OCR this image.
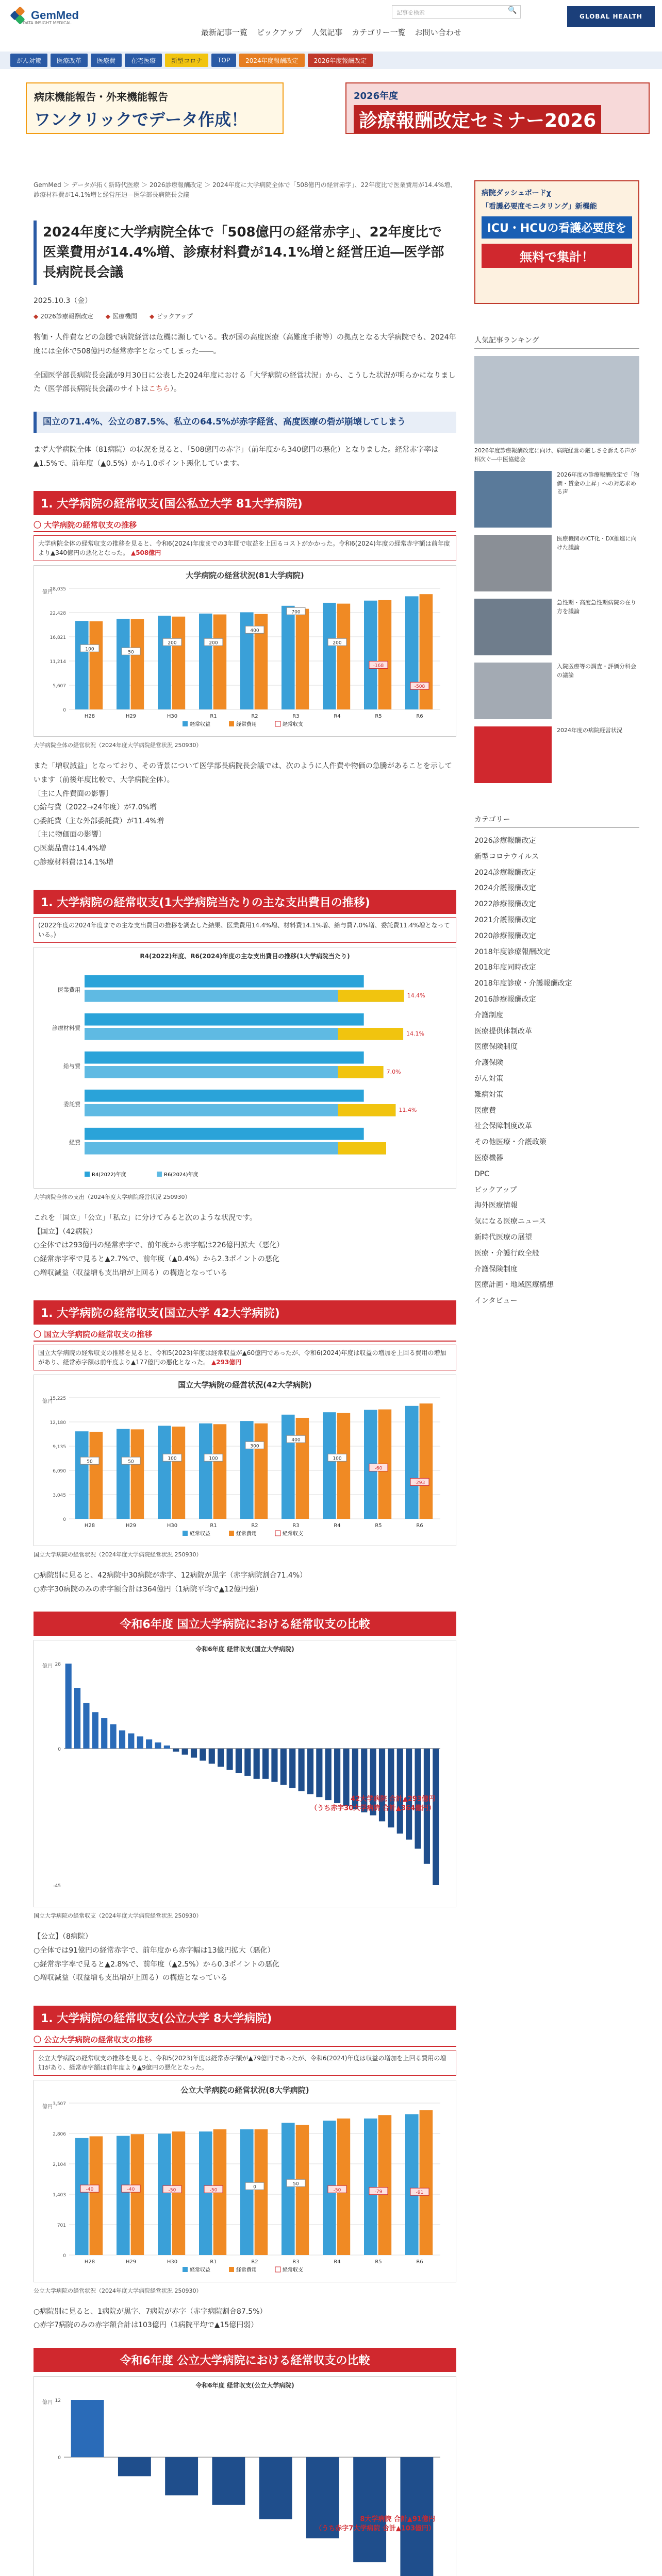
GemMed
DATA INSIGHT MEDICAL
記事を検索	🔍
GLOBAL HEALTH
最新記事一覧 ピックアップ 人気記事 カテゴリー一覧 お問い合わせ
がん対策	医療改革	医療費	在宅医療	新型コロナ	TOP	2024年度報酬改定	2026年度報酬改定
病床機能報告・外来機能報告
ワンクリックでデータ作成！
2026年度
診療報酬改定セミナー2026
GemMed ＞ データが拓く新時代医療 ＞ 2026診療報酬改定 ＞ 2024年度に大学病院全体で「508億円の経常赤字」、22年度比で医業費用が14.4%増、診療材料費が14.1%増と経営圧迫―医学部長病院長会議
2024年度に大学病院全体で「508億円の経常赤字」、22年度比で医業費用が14.4%増、診療材料費が14.1%増と経営圧迫―医学部長病院長会議
2025.10.3（金）
◆ 2026診療報酬改定	◆ 医療機関	◆ ピックアップ

物価・人件費などの急騰で病院経営は危機に瀕している。我が国の高度医療（高難度手術等）の拠点となる大学病院でも、2024年度には全体で508億円の経常赤字となってしまった――。

全国医学部長病院長会議が9月30日に公表した2024年度における「大学病院の経営状況」から、こうした状況が明らかになりました（医学部長病院長会議のサイトはこちら）。

国立の71.4%、公立の87.5%、私立の64.5%が赤字経営、高度医療の砦が崩壊してしまう

まず大学病院全体（81病院）の状況を見ると、「508億円の赤字」（前年度から340億円の悪化）となりました。経常赤字率は▲1.5%で、前年度（▲0.5%）から1.0ポイント悪化しています。

1. 大学病院の経常収支(国公私立大学 81大学病院)
〇 大学病院の経常収支の推移
大学病院全体の経常収支の推移を見ると、令和6(2024)年度までの3年間で収益を上回るコストがかかった。令和6(2024)年度の経常赤字額は前年度より▲340億円の悪化となった。 ▲508億円
大学病院の経営状況(81大学病院)
0
5,607
11,214
16,821
22,428
28,035
H28
100
H29
50
H30
200
R1
200
R2
400
R3
700
R4
200
R5
-168
R6
-508
経常収益	経常費用	経常収支
億円
大学病院全体の経営状況（2024年度大学病院経営状況 250930）
また「増収減益」となっており、その背景について医学部長病院長会議では、次のように人件費や物価の急騰があることを示しています（前後年度比較で、大学病院全体）。
〔主に人件費面の影響〕
○給与費（2022→24年度）が7.0%増
○委託費（主な外部委託費）が11.4%増
〔主に物価面の影響〕
○医薬品費は14.4%増
○診療材料費は14.1%増
1. 大学病院の経常収支(1大学病院当たりの主な支出費目の推移)
(2022年度の2024年度までの主な支出費目の推移を調査した結果、医業費用14.4%増、材料費14.1%増、給与費7.0%増、委託費11.4%増となっている。)
R4(2022)年度、R6(2024)年度の主な支出費目の推移(1大学病院当たり)
医業費用
14.4%
診療材料費
14.1%
給与費
7.0%
委託費
11.4%
経費
R4(2022)年度	R6(2024)年度
大学病院全体の支出（2024年度大学病院経営状況 250930）
これを「国立」「公立」「私立」に分けてみると次のような状況です。
【国立】（42病院）
○全体では293億円の経常赤字で、前年度から赤字幅は226億円拡大（悪化）
○経常赤字率で見ると▲2.7%で、前年度（▲0.4%）から2.3ポイントの悪化
○増収減益（収益増も支出増が上回る）の構造となっている
1. 大学病院の経常収支(国立大学 42大学病院)
〇 国立大学病院の経常収支の推移
国立大学病院の経常収支の推移を見ると、令和5(2023)年度は経常収益が▲60億円であったが、令和6(2024)年度は収益の増加を上回る費用の増加があり、経常赤字額は前年度より▲177億円の悪化となった。 ▲293億円
国立大学病院の経営状況(42大学病院)
0
3,045
6,090
9,135
12,180
15,225
H28
50
H29
50
H30
100
R1
100
R2
300
R3
400
R4
100
R5
-60
R6
-293
経常収益	経常費用	経常収支
億円
国立大学病院の経営状況（2024年度大学病院経営状況 250930）
○病院別に見ると、42病院中30病院が赤字、12病院が黒字（赤字病院割合71.4%）
○赤字30病院のみの赤字額合計は364億円（1病院平均で▲12億円強）
令和6年度 国立大学病院における経常収支の比較
令和6年度 経常収支(国立大学病院)
28
0
-45
42大学病院 合計▲293億円
（うち赤字30大学病院 合計▲364億円）
億円
国立大学病院の経常収支（2024年度大学病院経営状況 250930）
【公立】（8病院）
○全体では91億円の経常赤字で、前年度から赤字幅は13億円拡大（悪化）
○経常赤字率で見ると▲2.8%で、前年度（▲2.5%）から0.3ポイントの悪化
○増収減益（収益増も支出増が上回る）の構造となっている
1. 大学病院の経常収支(公立大学 8大学病院)
〇 公立大学病院の経常収支の推移
公立大学病院の経常収支の推移を見ると、令和5(2023)年度は経常赤字額が▲79億円であったが、令和6(2024)年度は収益の増加を上回る費用の増加があり、経常赤字額は前年度より▲9億円の悪化となった。
公立大学病院の経営状況(8大学病院)
0
701
1,403
2,104
2,806
3,507
H28
-40
H29
-40
H30
-50
R1
-50
R2
0
R3
50
R4
-50
R5
-79
R6
-91
経常収益	経常費用	経常収支
億円
公立大学病院の経営状況（2024年度大学病院経営状況 250930）
○病院別に見ると、1病院が黒字、7病院が赤字（赤字病院割合87.5%）
○赤字7病院のみの赤字額合計は103億円（1病院平均で▲15億円弱）
令和6年度 公立大学病院における経常収支の比較
令和6年度 経常収支(公立大学病院)
12
0
8大学病院 合計▲91億円
（うち赤字7大学病院 合計▲103億円）
億円
病院ダッシュボードχ
「看護必要度モニタリング」新機能
ICU・HCUの看護必要度を
無料で集計！
人気記事ランキング
2026年度診療報酬改定に向け、病院経営の厳しさを訴える声が相次ぐ―中医協総会
2026年度の診療報酬改定で「物価・賃金の上昇」への対応求める声
医療機関のICT化・DX推進に向けた議論
急性期・高度急性期病院の在り方を議論
入院医療等の調査・評価分科会の議論
2024年度の病院経営状況
カテゴリー
2026診療報酬改定
新型コロナウイルス
2024診療報酬改定
2024介護報酬改定
2022診療報酬改定
2021介護報酬改定
2020診療報酬改定
2018年度診療報酬改定
2018年度同時改定
2018年度診療・介護報酬改定
2016診療報酬改定
介護制度
医療提供体制改革
医療保険制度
介護保険
がん対策
難病対策
医療費
社会保障制度改革
その他医療・介護政策
医療機器
DPC
ピックアップ
海外医療情報
気になる医療ニュース
新時代医療の展望
医療・介護行政全般
介護保険制度
医療計画・地域医療構想
インタビュー
